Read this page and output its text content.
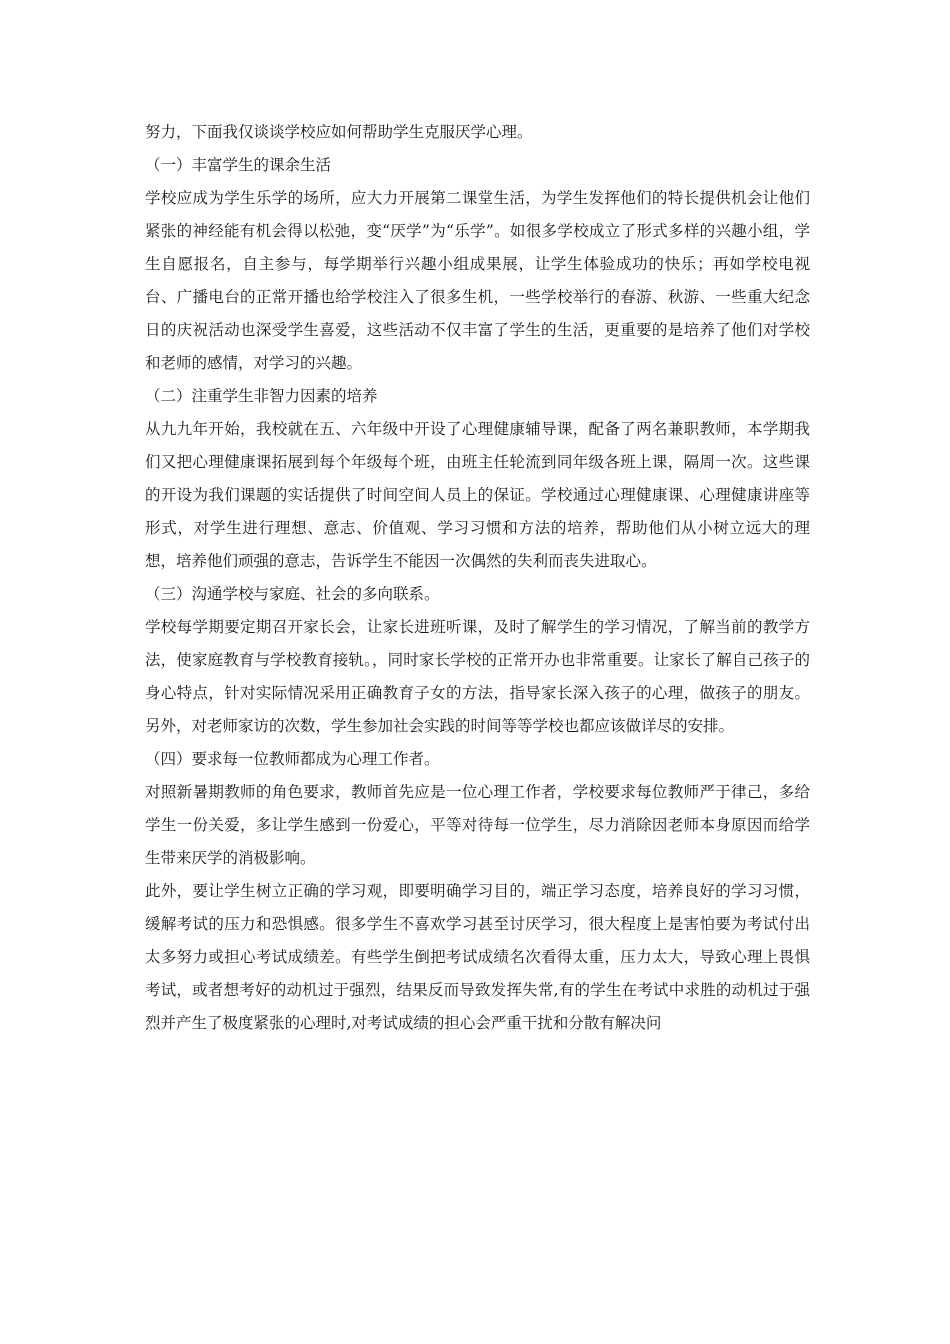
努力，下面我仅谈谈学校应如何帮助学生克服厌学心理。

（一）丰富学生的课余生活

学校应成为学生乐学的场所，应大力开展第二课堂生活，为学生发挥他们的特长提供机会让他们紧张的神经能有机会得以松弛，变“厌学”为“乐学”。如很多学校成立了形式多样的兴趣小组，学生自愿报名，自主参与，每学期举行兴趣小组成果展，让学生体验成功的快乐；再如学校电视台、广播电台的正常开播也给学校注入了很多生机，一些学校举行的春游、秋游、一些重大纪念日的庆祝活动也深受学生喜爱，这些活动不仅丰富了学生的生活，更重要的是培养了他们对学校和老师的感情，对学习的兴趣。

（二）注重学生非智力因素的培养

从九九年开始，我校就在五、六年级中开设了心理健康辅导课，配备了两名兼职教师，本学期我们又把心理健康课拓展到每个年级每个班，由班主任轮流到同年级各班上课，隔周一次。这些课的开设为我们课题的实话提供了时间空间人员上的保证。学校通过心理健康课、心理健康讲座等形式，对学生进行理想、意志、价值观、学习习惯和方法的培养，帮助他们从小树立远大的理想，培养他们顽强的意志，告诉学生不能因一次偶然的失利而丧失进取心。

（三）沟通学校与家庭、社会的多向联系。

学校每学期要定期召开家长会，让家长进班听课，及时了解学生的学习情况，了解当前的教学方法，使家庭教育与学校教育接轨。，同时家长学校的正常开办也非常重要。让家长了解自己孩子的身心特点，针对实际情况采用正确教育子女的方法，指导家长深入孩子的心理，做孩子的朋友。另外，对老师家访的次数，学生参加社会实践的时间等等学校也都应该做详尽的安排。

（四）要求每一位教师都成为心理工作者。

对照新暑期教师的角色要求，教师首先应是一位心理工作者，学校要求每位教师严于律己，多给学生一份关爱，多让学生感到一份爱心，平等对待每一位学生，尽力消除因老师本身原因而给学生带来厌学的消极影响。

此外，要让学生树立正确的学习观，即要明确学习目的，端正学习态度，培养良好的学习习惯，缓解考试的压力和恐惧感。很多学生不喜欢学习甚至讨厌学习，很大程度上是害怕要为考试付出太多努力或担心考试成绩差。有些学生倒把考试成绩名次看得太重，压力太大，导致心理上畏惧考试，或者想考好的动机过于强烈，结果反而导致发挥失常,有的学生在考试中求胜的动机过于强烈并产生了极度紧张的心理时,对考试成绩的担心会严重干扰和分散有解决问
